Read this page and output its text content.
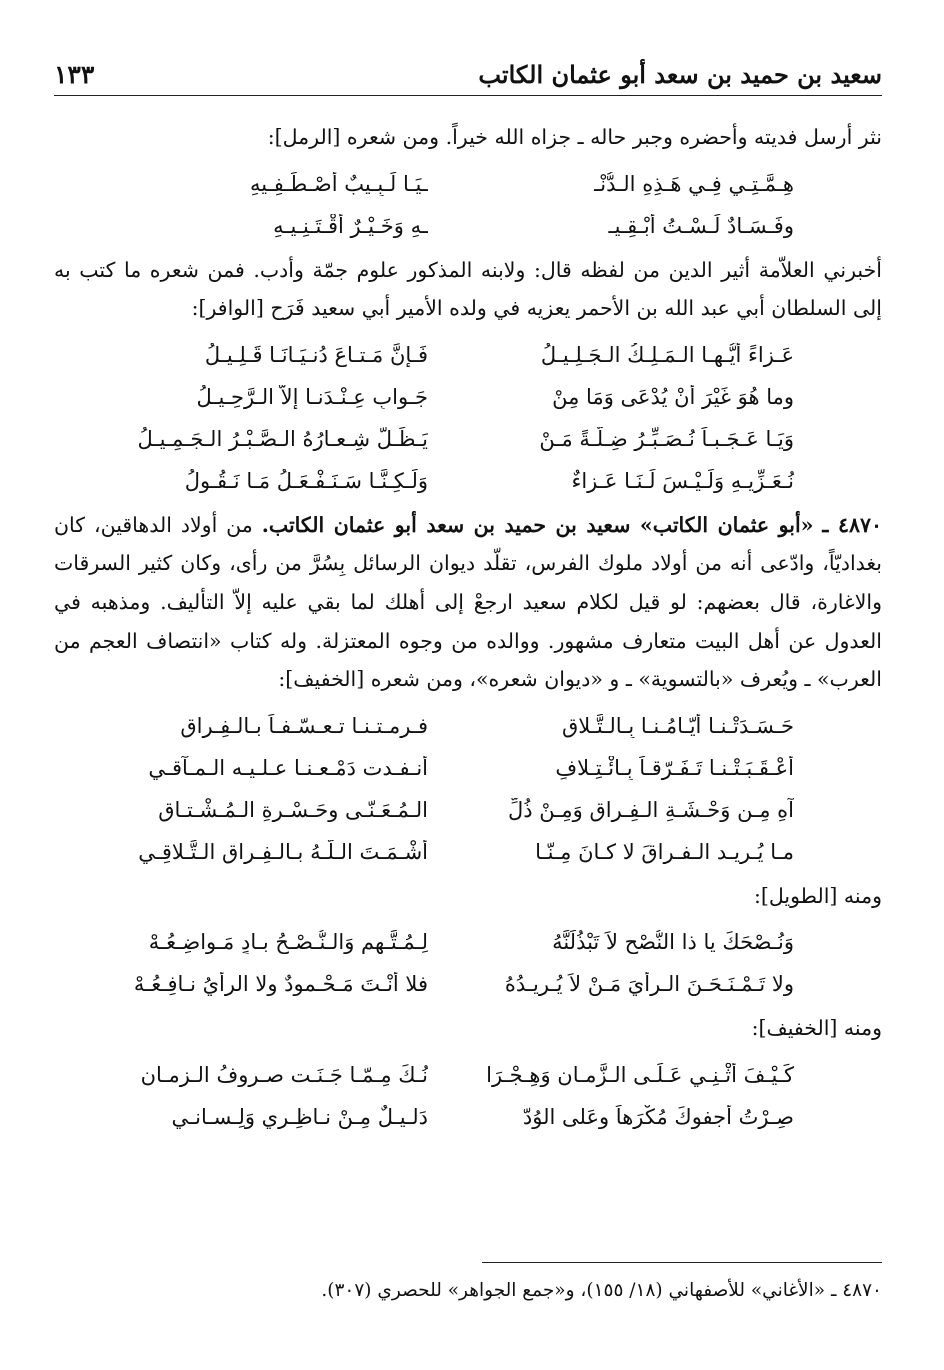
سعيد بن حميد بن سعد أبو عثمان الكاتب
١٣٣

نثر أرسل فديته وأحضره وجبر حاله ـ جزاه الله خيراً. ومن شعره [الرمل]:

هِـمَّـتِـي فِـي هَـذِهِ الـدُّنْـ
ـيَـا لَـبِـيبٌ أَصْـطَـفِـيهِ
وفَـسَـادٌ لَـسْـتُ أُبْـقِـيـ
ـهِ وَخَـيْـرٌ أَقْـتَـنِـيـهِ

أخبرني العلاّمة أثير الدين من لفظه قال: ولابنه المذكور علوم جمّة وأدب. فمن شعره ما كتب به إلى السلطان أبي عبد الله بن الأحمر يعزيه في ولده الأمير أبي سعيد فَرَح [الوافر]:

عَـزاءً أَيُّـهـا الـمَـلِـكُ الـجَـلِـيـلُ
فَـإِنَّ مَـتـاعَ دُنـيَـانَـا قَـلِـيـلُ
وما هُوَ غَيْرَ أَنْ يُدْعَى وَمَا مِنْ
جَـوابٍ عِـنْـدَنـا إِلاّ الـرَّحِـيـلُ
وَيَـا عَـجَـبـاً نُـصَـبِّـرُ ضِـلّـةً مَـنْ
يَـظَـلُّ شِـعـارُهُ الـصَّـبْـرُ الـجَـمِـيـلُ
نُـعَـزِّيـهِ وَلَـيْـسَ لَـنَـا عَـزاءٌ
وَلَـكِـنَّـا سَـنَـفْـعَـلُ مَـا نَـقُـولُ

٤٨٧٠ ـ «أبو عثمان الكاتب» سعيد بن حميد بن سعد أبو عثمان الكاتب. من أولاد الدهاقين، كان بغداديّاً، وادّعى أنه من أولاد ملوك الفرس، تقلّد ديوان الرسائل بِسُرَّ من رأى، وكان كثير السرقات والاغارة، قال بعضهم: لو قيل لكلام سعيد ارجعْ إلى أهلك لما بقي عليه إلاّ التأليف. ومذهبه في العدول عن أهل البيت متعارف مشهور. ووالده من وجوه المعتزلة. وله كتاب «انتصاف العجم من العرب» ـ ويُعرف «بالتسوية» ـ و «ديوان شعره»، ومن شعره [الخفيف]:

حَـسَـدَتْـنـا أَيّـامُـنـا بِـالـتَّـلاقِ
فـرمـتـنـا تـعـسّـفـاً بـالـفِـراقِ
أَعْـقَـبَـتْـنـا تَـفَـرّقـاً بِـائْـتِـلافٍ
أنـفـدت دَمْـعـنـا عـلـيـه الـمـآقـي
آهِ مِـن وَحْـشَـةِ الـفِـراقِ وَمِـنْ ذُلِّ
الـمُـعَـنّـى وحَـسْـرةِ الـمُـشْـتـاقِ
مـا يُـرِيـد الـفـراقَ لا كـانَ مِـنّـا
أَشْـمَـتَ الـلّـهُ بـالـفِـراقِ الـتَّـلاقِـي

ومنه [الطويل]:

وَنُـصْحَكَ يا ذا النُّصْحِ لاَ تَبْذُلَنَّهُ
لِـمُـتَّـهِمٍ وَالـنُّـصْـحُ بـادٍ مَـواضِـعُـهْ
ولا تَـمْـنَـحَـنَ الـرأيَ مَـنْ لاَ يُـرِيـدُهُ
فلا أَنْـتَ مَـحْـمودٌ ولا الرأيُ نـافِـعُـهْ

ومنه [الخفيف]:

كَـيْـفَ أُثْـنِـي عَـلَـى الـزَّمـانِ وَهِـجْـرَا
نُـكَ مِـمّـا جَـنَـت صـروفُ الـزمـانِ
صِـرْتُ أجفوكَ مُكْرَهاً وعَلى الوُدّ
دَلـيـلٌ مِـنْ نـاظِـري وَلِـسـانـي
٤٨٧٠ ـ «الأغاني» للأصفهاني (١٨/ ١٥٥)، و«جمع الجواهر» للحصري (٣٠٧).
